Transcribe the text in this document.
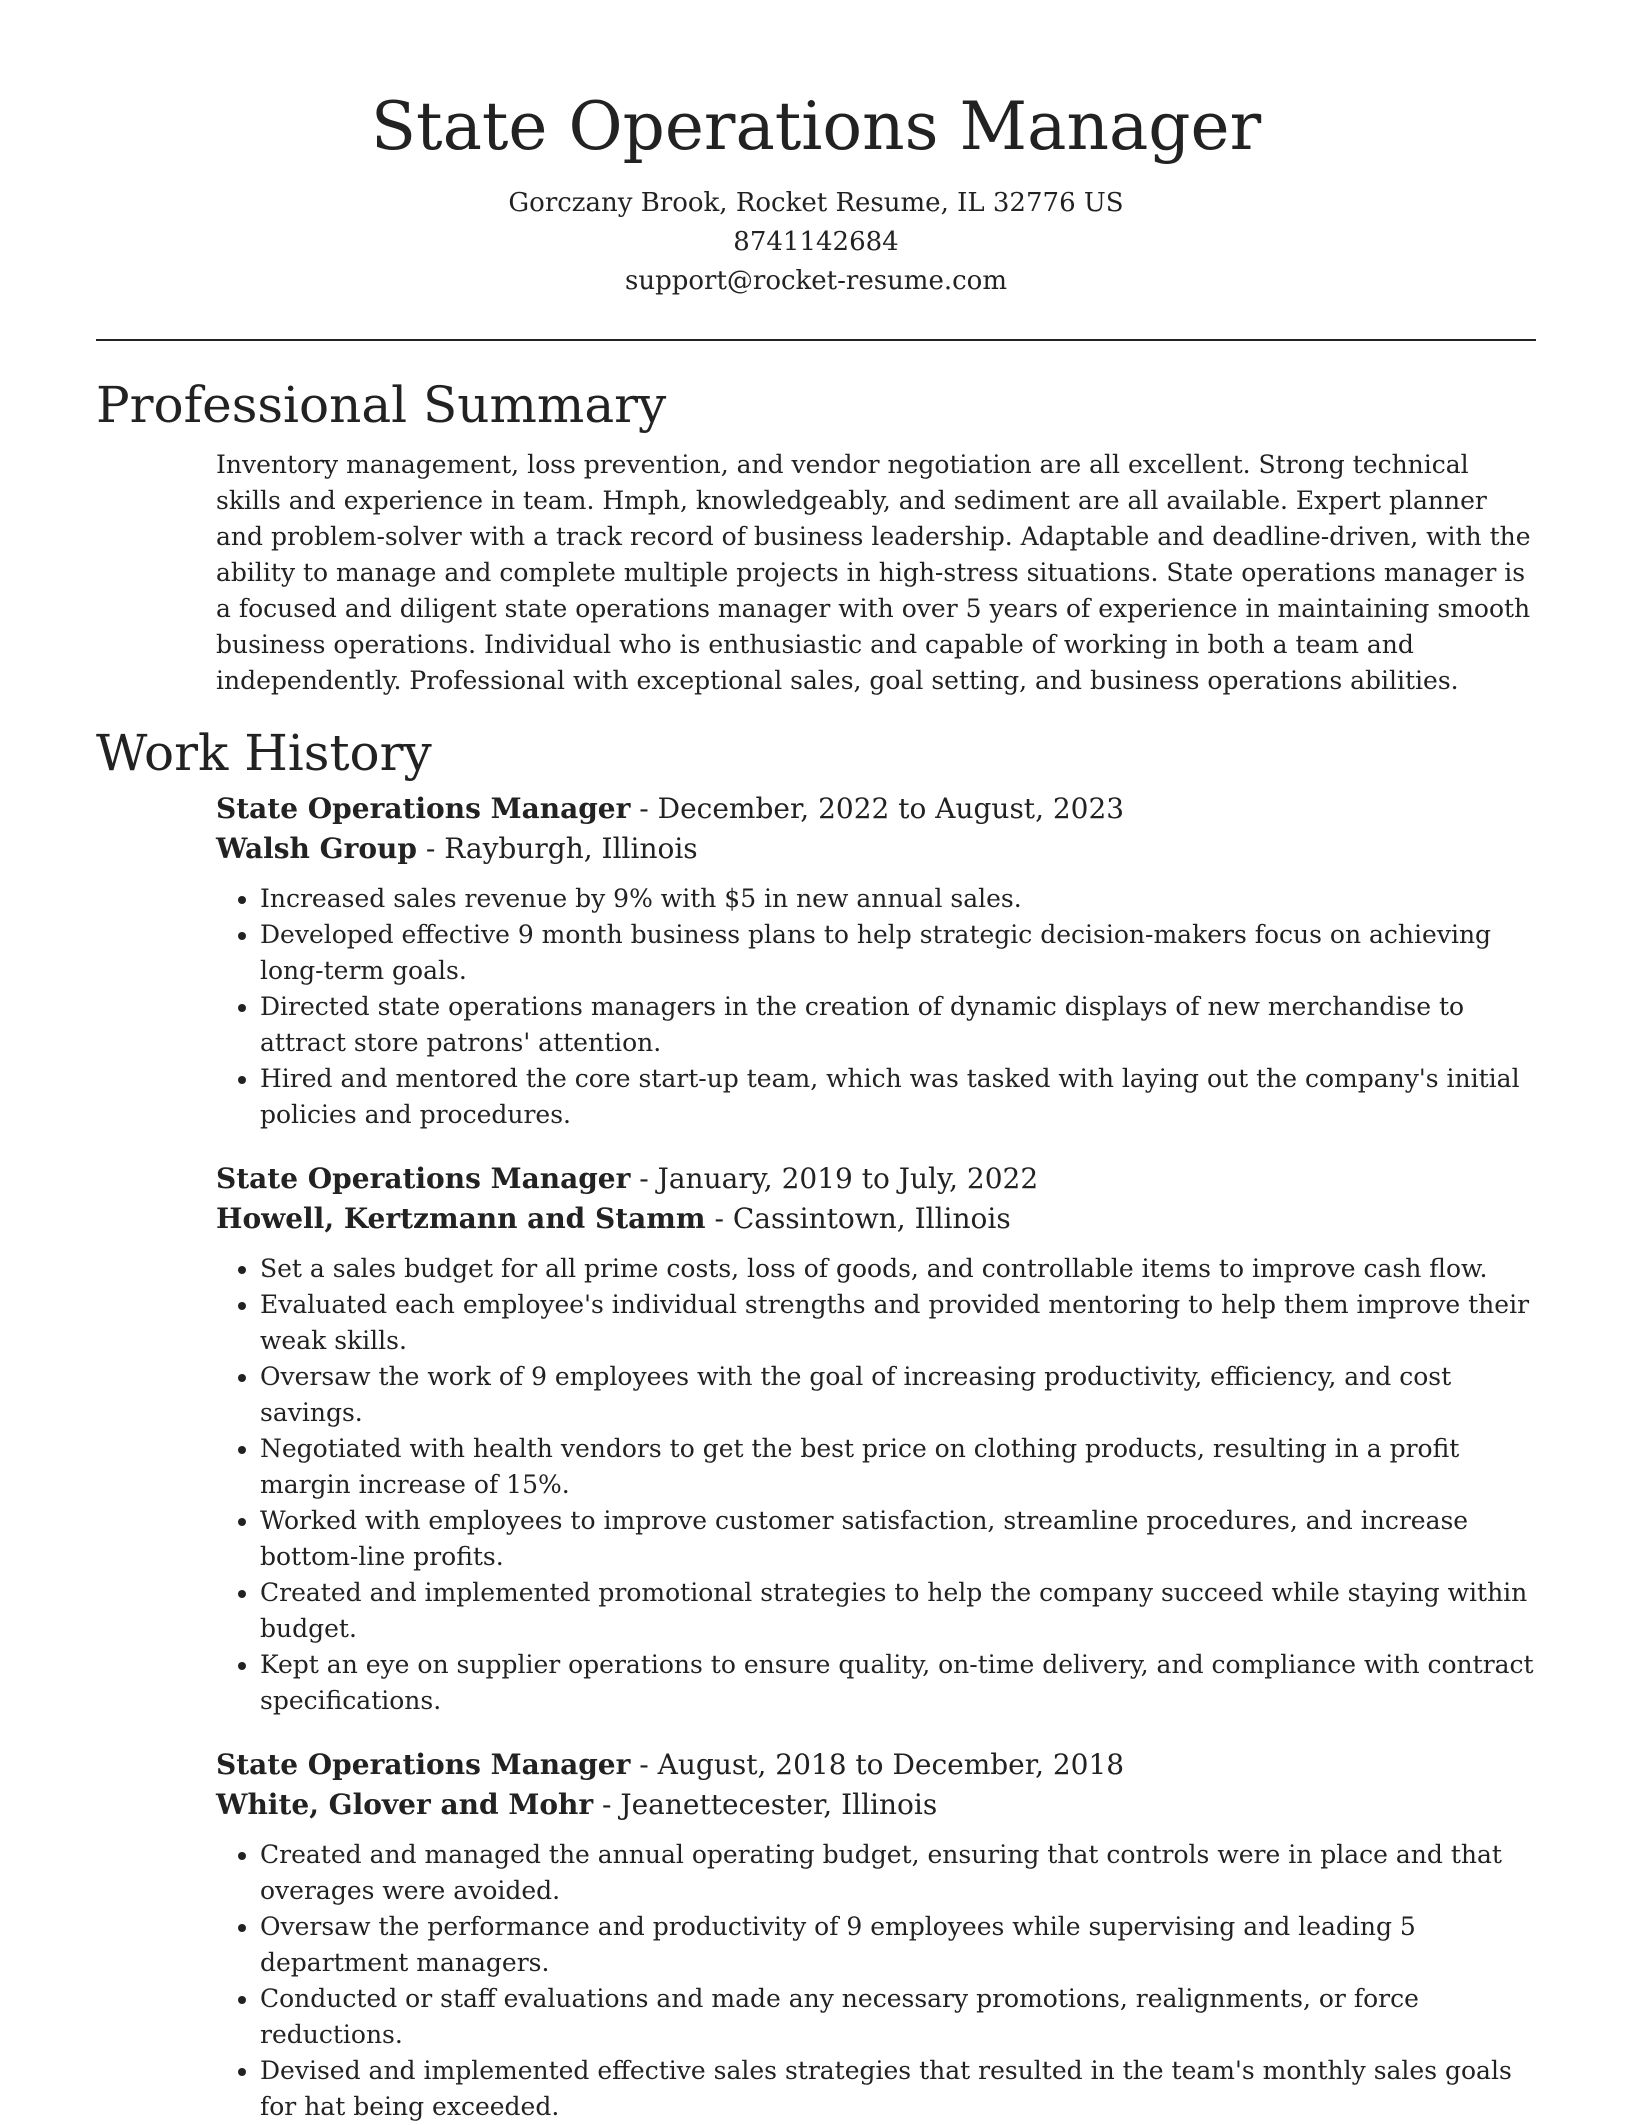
State Operations Manager

Gorczany Brook, Rocket Resume, IL 32776 US

8741142684

support@rocket-resume.com

Professional Summary

Inventory management, loss prevention, and vendor negotiation are all excellent. Strong technical skills and experience in team. Hmph, knowledgeably, and sediment are all available. Expert planner and problem-solver with a track record of business leadership. Adaptable and deadline-driven, with the ability to manage and complete multiple projects in high-stress situations. State operations manager is a focused and diligent state operations manager with over 5 years of experience in maintaining smooth business operations. Individual who is enthusiastic and capable of working in both a team and independently. Professional with exceptional sales, goal setting, and business operations abilities.

Work History

State Operations Manager - December, 2022 to August, 2023

Walsh Group - Rayburgh, Illinois

• Increased sales revenue by 9% with $5 in new annual sales.
• Developed effective 9 month business plans to help strategic decision-makers focus on achieving long-term goals.
• Directed state operations managers in the creation of dynamic displays of new merchandise to attract store patrons' attention.
• Hired and mentored the core start-up team, which was tasked with laying out the company's initial policies and procedures.

State Operations Manager - January, 2019 to July, 2022

Howell, Kertzmann and Stamm - Cassintown, Illinois

• Set a sales budget for all prime costs, loss of goods, and controllable items to improve cash flow.
• Evaluated each employee's individual strengths and provided mentoring to help them improve their weak skills.
• Oversaw the work of 9 employees with the goal of increasing productivity, efficiency, and cost savings.
• Negotiated with health vendors to get the best price on clothing products, resulting in a profit margin increase of 15%.
• Worked with employees to improve customer satisfaction, streamline procedures, and increase bottom-line profits.
• Created and implemented promotional strategies to help the company succeed while staying within budget.
• Kept an eye on supplier operations to ensure quality, on-time delivery, and compliance with contract specifications.

State Operations Manager - August, 2018 to December, 2018

White, Glover and Mohr - Jeanettecester, Illinois

• Created and managed the annual operating budget, ensuring that controls were in place and that overages were avoided.
• Oversaw the performance and productivity of 9 employees while supervising and leading 5 department managers.
• Conducted or staff evaluations and made any necessary promotions, realignments, or force reductions.
• Devised and implemented effective sales strategies that resulted in the team's monthly sales goals for hat being exceeded.
